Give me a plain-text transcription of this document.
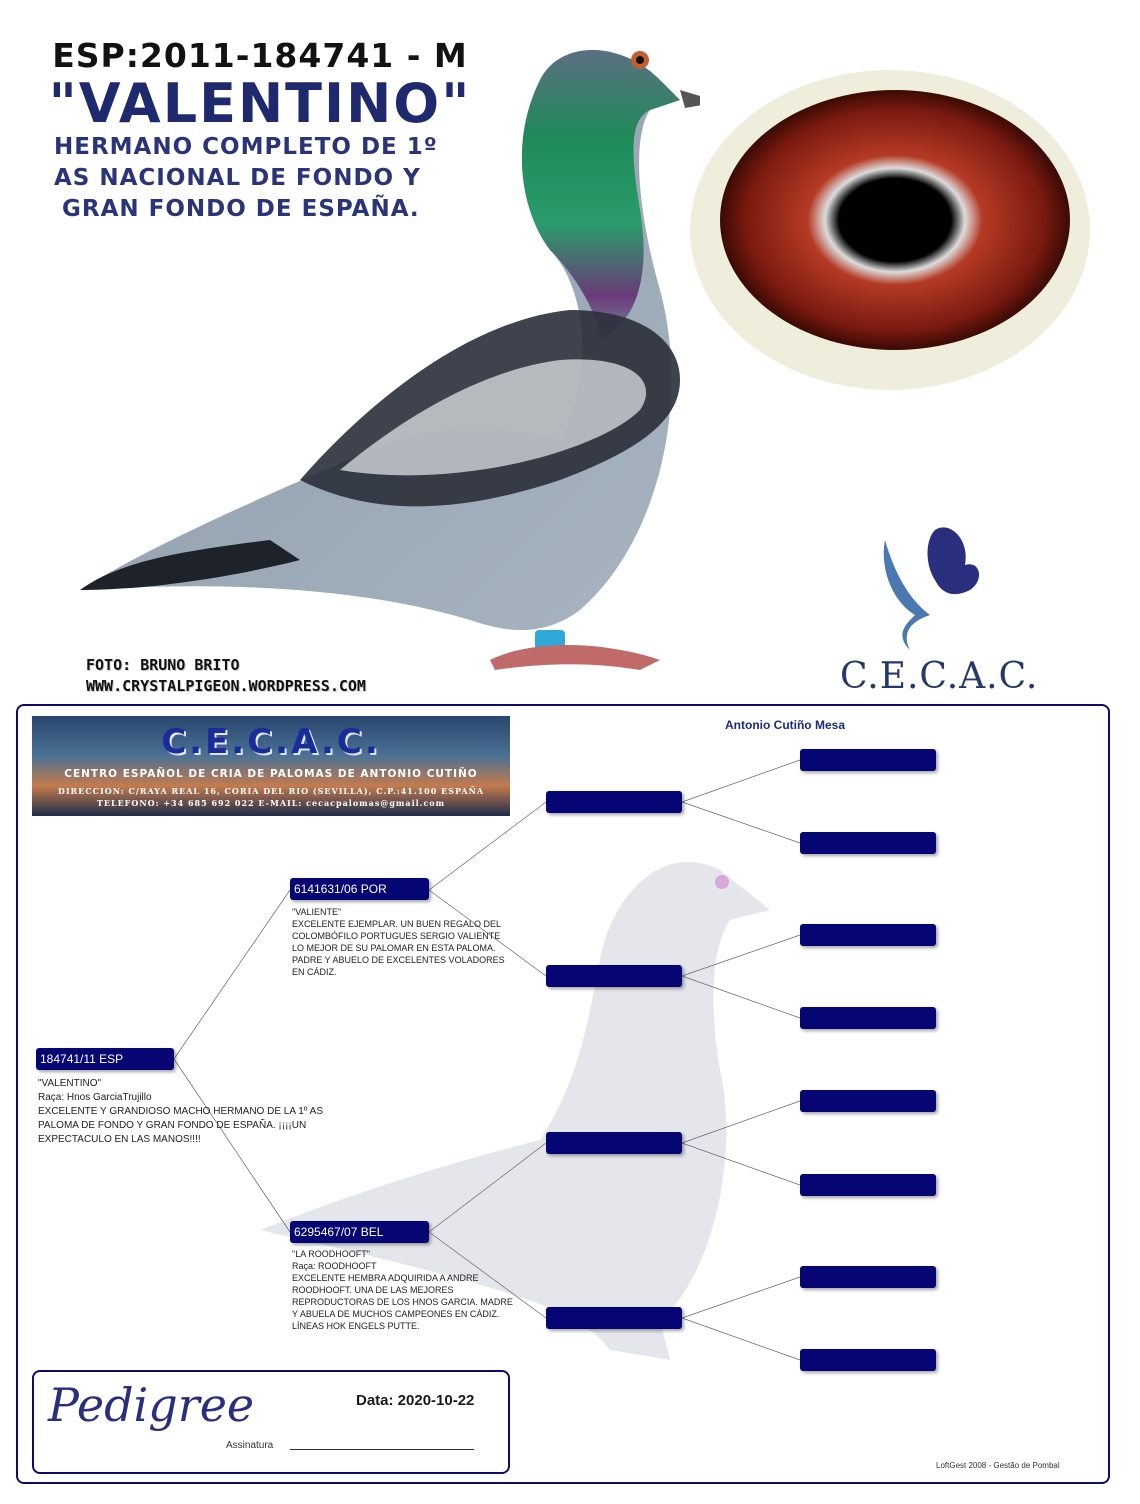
ESP:2011-184741 - M
"VALENTINO"
HERMANO COMPLETO DE 1º
AS NACIONAL DE FONDO Y
GRAN FONDO DE ESPAÑA.
FOTO: BRUNO BRITO
WWW.CRYSTALPIGEON.WORDPRESS.COM	C.E.C.A.C.
C.E.C.A.C.
CENTRO ESPAÑOL DE CRIA DE PALOMAS DE ANTONIO CUTIÑO
DIRECCION: C/RAYA REAL 16, CORIA DEL RIO (SEVILLA), C.P.:41.100 ESPAÑA
TELEFONO: +34 685 692 022 E-MAIL: cecacpalomas@gmail.com
Antonio Cutiño Mesa
184741/11 ESP
"VALENTINO"
Raça: Hnos GarciaTrujillo
EXCELENTE Y GRANDIOSO MACHO HERMANO DE LA 1º AS
PALOMA DE FONDO Y GRAN FONDO DE ESPAÑA. ¡¡¡¡UN
EXPECTACULO EN LAS MANOS!!!!
6141631/06 POR
"VALIENTE"
EXCELENTE EJEMPLAR. UN BUEN REGALO DEL
COLOMBÓFILO PORTUGUES SERGIO VALIENTE
LO MEJOR DE SU PALOMAR EN ESTA PALOMA.
PADRE Y ABUELO DE EXCELENTES VOLADORES
EN CÁDIZ.
6295467/07 BEL
"LA ROODHOOFT"
Raça: ROODHOOFT
EXCELENTE HEMBRA ADQUIRIDA A ANDRE
ROODHOOFT. UNA DE LAS MEJORES
REPRODUCTORAS DE LOS HNOS GARCIA. MADRE
Y ABUELA DE MUCHOS CAMPEONES EN CÁDIZ.
LÍNEAS HOK ENGELS PUTTE.
Pedigree	Data: 2020-10-22
Assinatura
LoftGest 2008 - Gestão de Pombal
